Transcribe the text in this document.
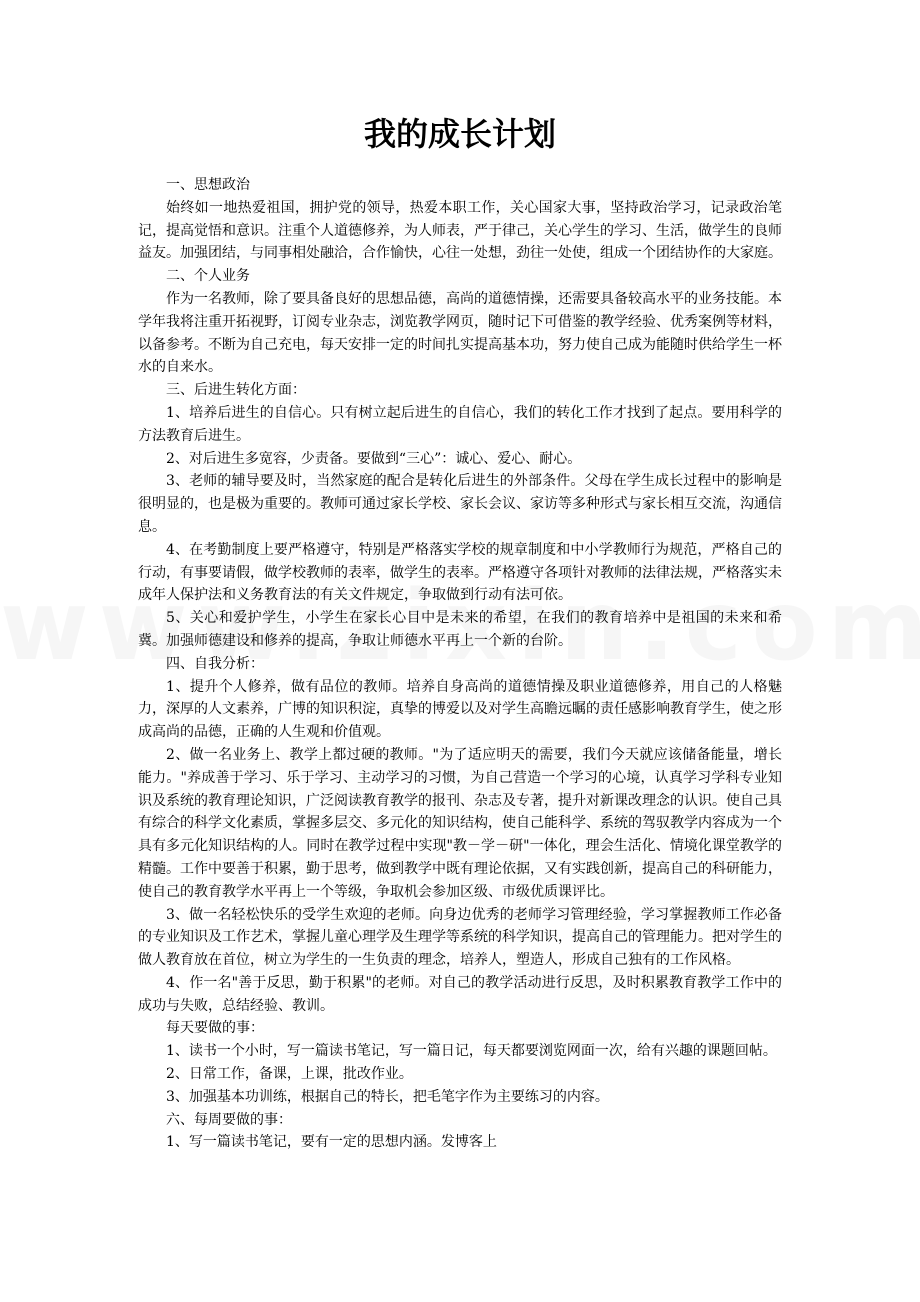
我的成长计划

一、思想政治

始终如一地热爱祖国，拥护党的领导，热爱本职工作，关心国家大事，坚持政治学习，记录政治笔记，提高觉悟和意识。注重个人道德修养，为人师表，严于律己，关心学生的学习、生活，做学生的良师益友。加强团结，与同事相处融洽，合作愉快，心往一处想，劲往一处使，组成一个团结协作的大家庭。

二、个人业务

作为一名教师，除了要具备良好的思想品德，高尚的道德情操，还需要具备较高水平的业务技能。本学年我将注重开拓视野，订阅专业杂志，浏览教学网页，随时记下可借鉴的教学经验、优秀案例等材料，以备参考。不断为自己充电，每天安排一定的时间扎实提高基本功，努力使自己成为能随时供给学生一杯水的自来水。

三、后进生转化方面：

1、培养后进生的自信心。只有树立起后进生的自信心，我们的转化工作才找到了起点。要用科学的方法教育后进生。

2、对后进生多宽容，少责备。要做到“三心”：诚心、爱心、耐心。

3、老师的辅导要及时，当然家庭的配合是转化后进生的外部条件。父母在学生成长过程中的影响是很明显的，也是极为重要的。教师可通过家长学校、家长会议、家访等多种形式与家长相互交流，沟通信息。

4、在考勤制度上要严格遵守，特别是严格落实学校的规章制度和中小学教师行为规范，严格自己的行动，有事要请假，做学校教师的表率，做学生的表率。严格遵守各项针对教师的法律法规，严格落实未成年人保护法和义务教育法的有关文件规定，争取做到行动有法可依。

5、关心和爱护学生，小学生在家长心目中是未来的希望，在我们的教育培养中是祖国的未来和希冀。加强师德建设和修养的提高，争取让师德水平再上一个新的台阶。

四、自我分析：

1、提升个人修养，做有品位的教师。培养自身高尚的道德情操及职业道德修养，用自己的人格魅力，深厚的人文素养，广博的知识积淀，真挚的博爱以及对学生高瞻远瞩的责任感影响教育学生，使之形成高尚的品德，正确的人生观和价值观。

2、做一名业务上、教学上都过硬的教师。"为了适应明天的需要，我们今天就应该储备能量，增长能力。"养成善于学习、乐于学习、主动学习的习惯，为自己营造一个学习的心境，认真学习学科专业知识及系统的教育理论知识，广泛阅读教育教学的报刊、杂志及专著，提升对新课改理念的认识。使自己具有综合的科学文化素质，掌握多层交、多元化的知识结构，使自己能科学、系统的驾驭教学内容成为一个具有多元化知识结构的人。同时在教学过程中实现"教－学－研"一体化，理会生活化、情境化课堂教学的精髓。工作中要善于积累，勤于思考，做到教学中既有理论依据，又有实践创新，提高自己的科研能力，使自己的教育教学水平再上一个等级，争取机会参加区级、市级优质课评比。

3、做一名轻松快乐的受学生欢迎的老师。向身边优秀的老师学习管理经验，学习掌握教师工作必备的专业知识及工作艺术，掌握儿童心理学及生理学等系统的科学知识，提高自己的管理能力。把对学生的做人教育放在首位，树立为学生的一生负责的理念，培养人，塑造人，形成自己独有的工作风格。

4、作一名"善于反思，勤于积累"的老师。对自己的教学活动进行反思，及时积累教育教学工作中的成功与失败，总结经验、教训。

每天要做的事：

1、读书一个小时，写一篇读书笔记，写一篇日记，每天都要浏览网面一次，给有兴趣的课题回帖。

2、日常工作，备课，上课，批改作业。

3、加强基本功训练，根据自己的特长，把毛笔字作为主要练习的内容。

六、每周要做的事：

1、写一篇读书笔记，要有一定的思想内涵。发博客上
